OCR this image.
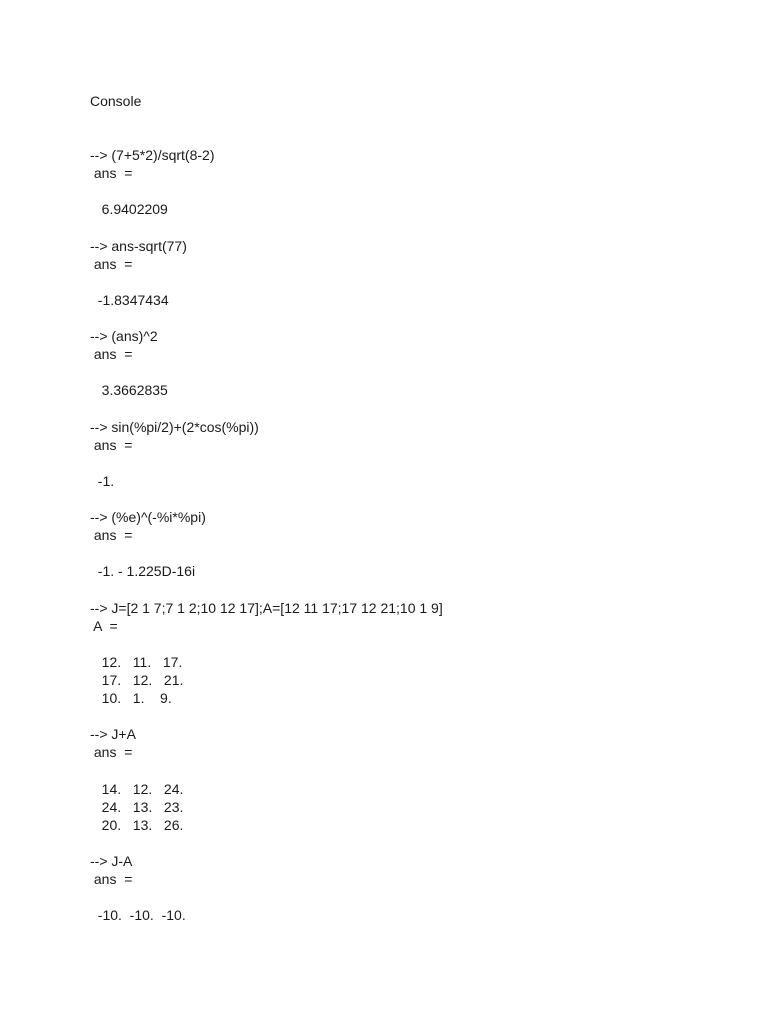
Console
--> (7+5*2)/sqrt(8-2)
ans  =
6.9402209
--> ans-sqrt(77)
ans  =
-1.8347434
--> (ans)^2
ans  =
3.3662835
--> sin(%pi/2)+(2*cos(%pi))
ans  =
-1.
--> (%e)^(-%i*%pi)
ans  =
-1. - 1.225D-16i
--> J=[2 1 7;7 1 2;10 12 17];A=[12 11 17;17 12 21;10 1 9]
A  =
12.   11.   17.
17.   12.   21.
10.   1.    9.
--> J+A
ans  =
14.   12.   24.
24.   13.   23.
20.   13.   26.
--> J-A
ans  =
-10.  -10.  -10.
